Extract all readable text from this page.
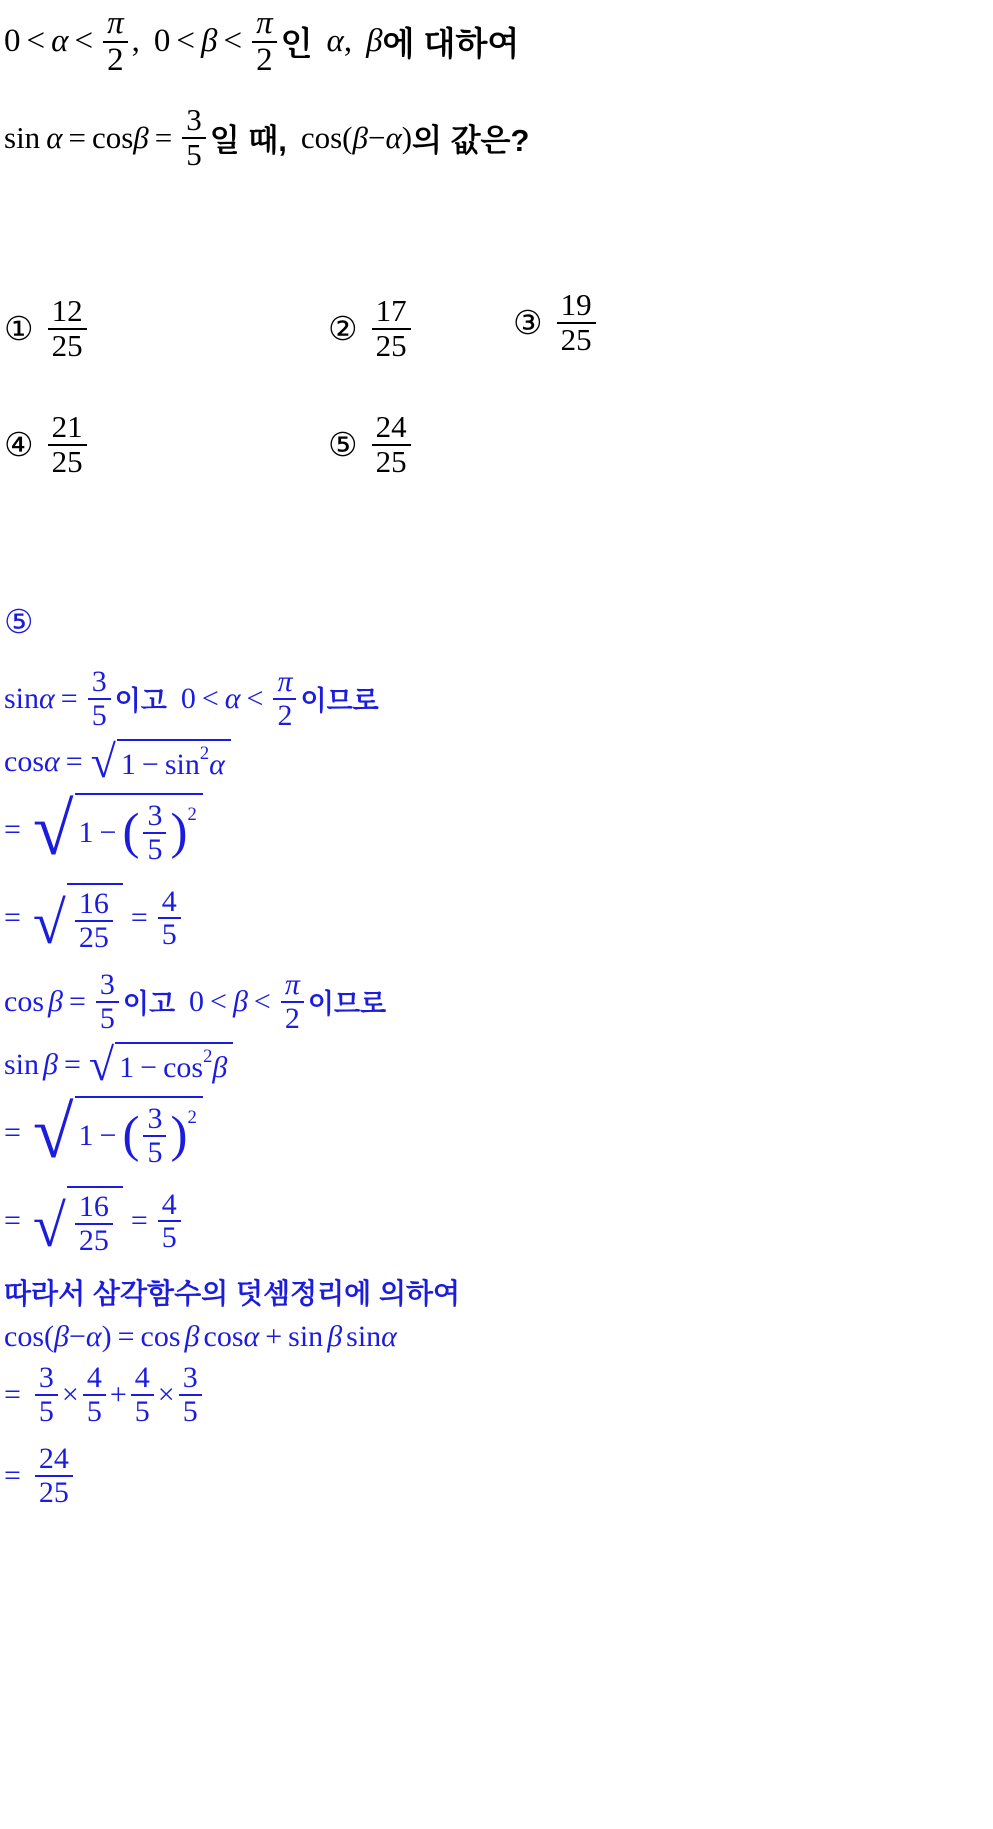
$0 < \alpha < \frac{\pi}{2}$ , $0 < \beta < \frac{\pi}{2}$ 인 α , β 에 대하여
$\sin \alpha = \cos \beta = \frac{3}{5}$ 일 때, cos ( β − α ) 의 값은?
① $\frac{12}{25}$	② $\frac{17}{25}$	③ $\frac{19}{25}$
④ $\frac{21}{25}$	⑤ $\frac{24}{25}$
⑤
$\sin \alpha = \frac{3}{5}$ 이고 $0 < \alpha < \frac{\pi}{2}$ 이므로
cos α = √ 1 − sin 2 α
= √ 1 − ( $\frac{3}{5}$ ) 2
= √ $\frac{16}{25} = \frac{4}{5}$
$\cos \beta = \frac{3}{5}$ 이고 $0 < \beta < \frac{\pi}{2}$ 이므로
sin β = √ 1 − cos 2 β
= √ 1 − ( $\frac{3}{5}$ ) 2
= √ $\frac{16}{25} = \frac{4}{5}$
따라서 삼각함수의 덧셈정리에 의하여
cos ( β − α ) = cos β cos α + sin β sin α
= $\frac{3}{5} \times \frac{4}{5} + \frac{4}{5} \times \frac{3}{5}$
= $\frac{24}{25}$
